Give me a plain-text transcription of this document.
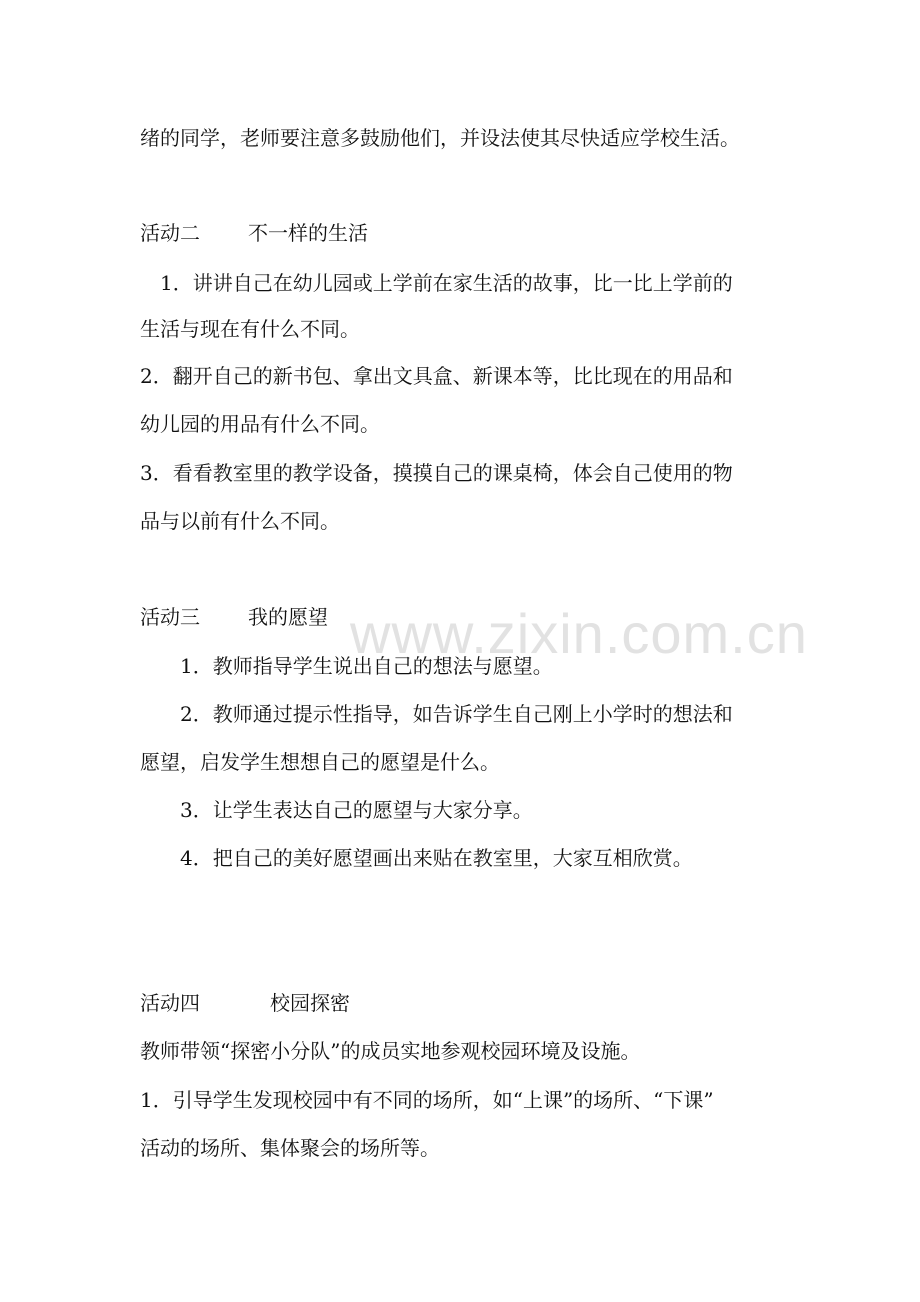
www.zixin.com.cn
绪的同学，老师要注意多鼓励他们，并设法使其尽快适应学校生活。
活动二 不一样的生活
1．讲讲自己在幼儿园或上学前在家生活的故事，比一比上学前的
生活与现在有什么不同。
2．翻开自己的新书包、拿出文具盒、新课本等，比比现在的用品和
幼儿园的用品有什么不同。
3．看看教室里的教学设备，摸摸自己的课桌椅，体会自己使用的物
品与以前有什么不同。
活动三 我的愿望
1．教师指导学生说出自己的想法与愿望。
2．教师通过提示性指导，如告诉学生自己刚上小学时的想法和
愿望，启发学生想想自己的愿望是什么。
3．让学生表达自己的愿望与大家分享。
4．把自己的美好愿望画出来贴在教室里，大家互相欣赏。
活动四	校园探密
教师带领“探密小分队”的成员实地参观校园环境及设施。
1．引导学生发现校园中有不同的场所，如“上课”的场所、“下课”
活动的场所、集体聚会的场所等。
